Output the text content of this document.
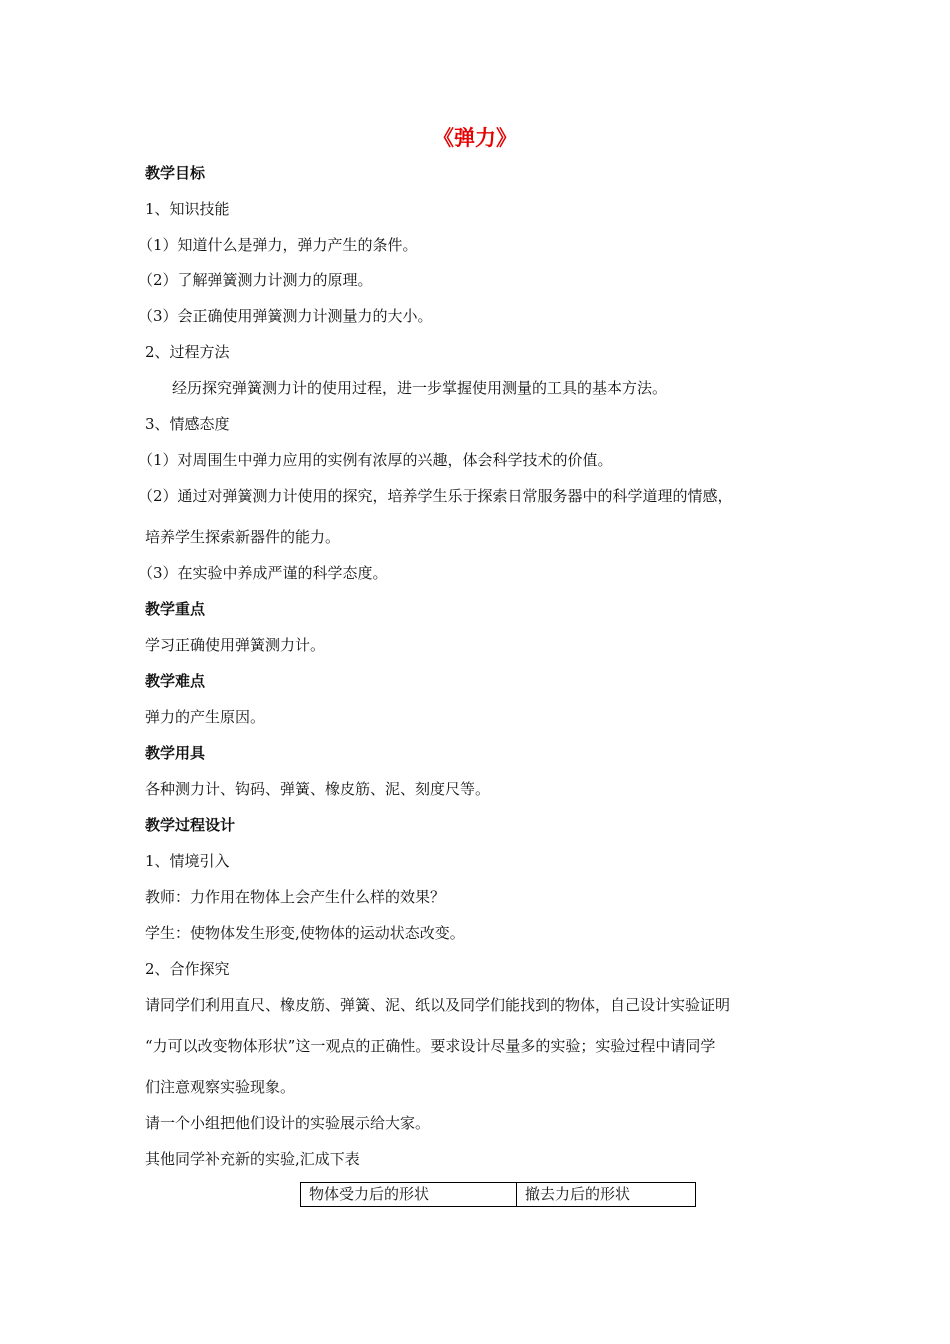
《弹力》
教学目标
1、知识技能
（1）知道什么是弹力，弹力产生的条件。
（2）了解弹簧测力计测力的原理。
（3）会正确使用弹簧测力计测量力的大小。
2、过程方法
经历探究弹簧测力计的使用过程，进一步掌握使用测量的工具的基本方法。
3、情感态度
（1）对周围生中弹力应用的实例有浓厚的兴趣，体会科学技术的价值。
（2）通过对弹簧测力计使用的探究，培养学生乐于探索日常服务器中的科学道理的情感，
培养学生探索新器件的能力。
（3）在实验中养成严谨的科学态度。
教学重点
学习正确使用弹簧测力计。
教学难点
弹力的产生原因。
教学用具
各种测力计、钩码、弹簧、橡皮筋、泥、刻度尺等。
教学过程设计
1、情境引入
教师：力作用在物体上会产生什么样的效果？
学生：使物体发生形变,使物体的运动状态改变。
2、合作探究
请同学们利用直尺、橡皮筋、弹簧、泥、纸以及同学们能找到的物体，自己设计实验证明
“力可以改变物体形状”这一观点的正确性。要求设计尽量多的实验；实验过程中请同学
们注意观察实验现象。
请一个小组把他们设计的实验展示给大家。
其他同学补充新的实验,汇成下表
物体受力后的形状	撤去力后的形状
